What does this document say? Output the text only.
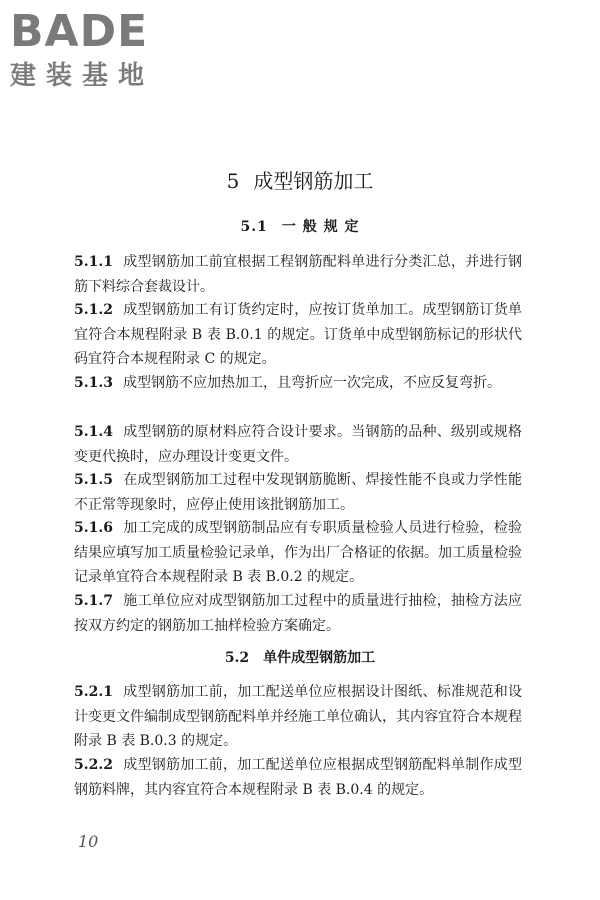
BADE
建装基地
5 成型钢筋加工
5.1 一 般 规 定
5.1.1 成型钢筋加工前宜根据工程钢筋配料单进行分类汇总，并进行钢筋下料综合套裁设计。
5.1.2 成型钢筋加工有订货约定时，应按订货单加工。成型钢筋订货单宜符合本规程附录 B 表 B.0.1 的规定。订货单中成型钢筋标记的形状代码宜符合本规程附录 C 的规定。
5.1.3 成型钢筋不应加热加工，且弯折应一次完成，不应反复弯折。
5.1.4 成型钢筋的原材料应符合设计要求。当钢筋的品种、级别或规格变更代换时，应办理设计变更文件。
5.1.5 在成型钢筋加工过程中发现钢筋脆断、焊接性能不良或力学性能不正常等现象时，应停止使用该批钢筋加工。
5.1.6 加工完成的成型钢筋制品应有专职质量检验人员进行检验，检验结果应填写加工质量检验记录单，作为出厂合格证的依据。加工质量检验记录单宜符合本规程附录 B 表 B.0.2 的规定。
5.1.7 施工单位应对成型钢筋加工过程中的质量进行抽检，抽检方法应按双方约定的钢筋加工抽样检验方案确定。
5.2 单件成型钢筋加工
5.2.1 成型钢筋加工前，加工配送单位应根据设计图纸、标准规范和设计变更文件编制成型钢筋配料单并经施工单位确认，其内容宜符合本规程附录 B 表 B.0.3 的规定。
5.2.2 成型钢筋加工前，加工配送单位应根据成型钢筋配料单制作成型钢筋料牌，其内容宜符合本规程附录 B 表 B.0.4 的规定。
10
